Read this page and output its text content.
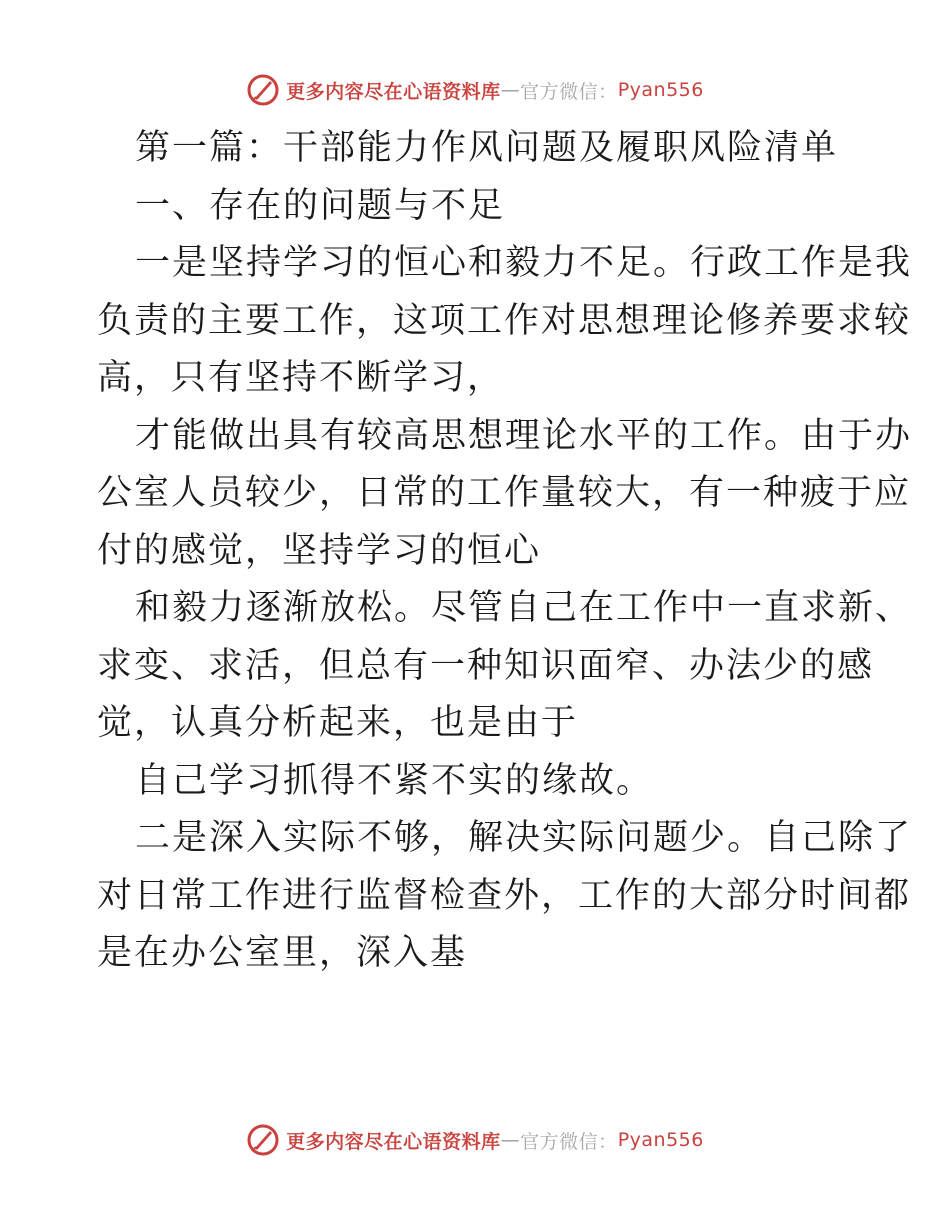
更多内容尽在心语资料库 — 官方微信： Pyan556
第一篇：干部能力作风问题及履职风险清单
一、存在的问题与不足
一是坚持学习的恒心和毅力不足。行政工作是我
负责的主要工作，这项工作对思想理论修养要求较
高，只有坚持不断学习，
才能做出具有较高思想理论水平的工作。由于办
公室人员较少，日常的工作量较大，有一种疲于应
付的感觉，坚持学习的恒心
和毅力逐渐放松。尽管自己在工作中一直求新、
求变、求活，但总有一种知识面窄、办法少的感
觉，认真分析起来，也是由于
自己学习抓得不紧不实的缘故。
二是深入实际不够，解决实际问题少。自己除了
对日常工作进行监督检查外，工作的大部分时间都
是在办公室里，深入基
更多内容尽在心语资料库 — 官方微信： Pyan556
